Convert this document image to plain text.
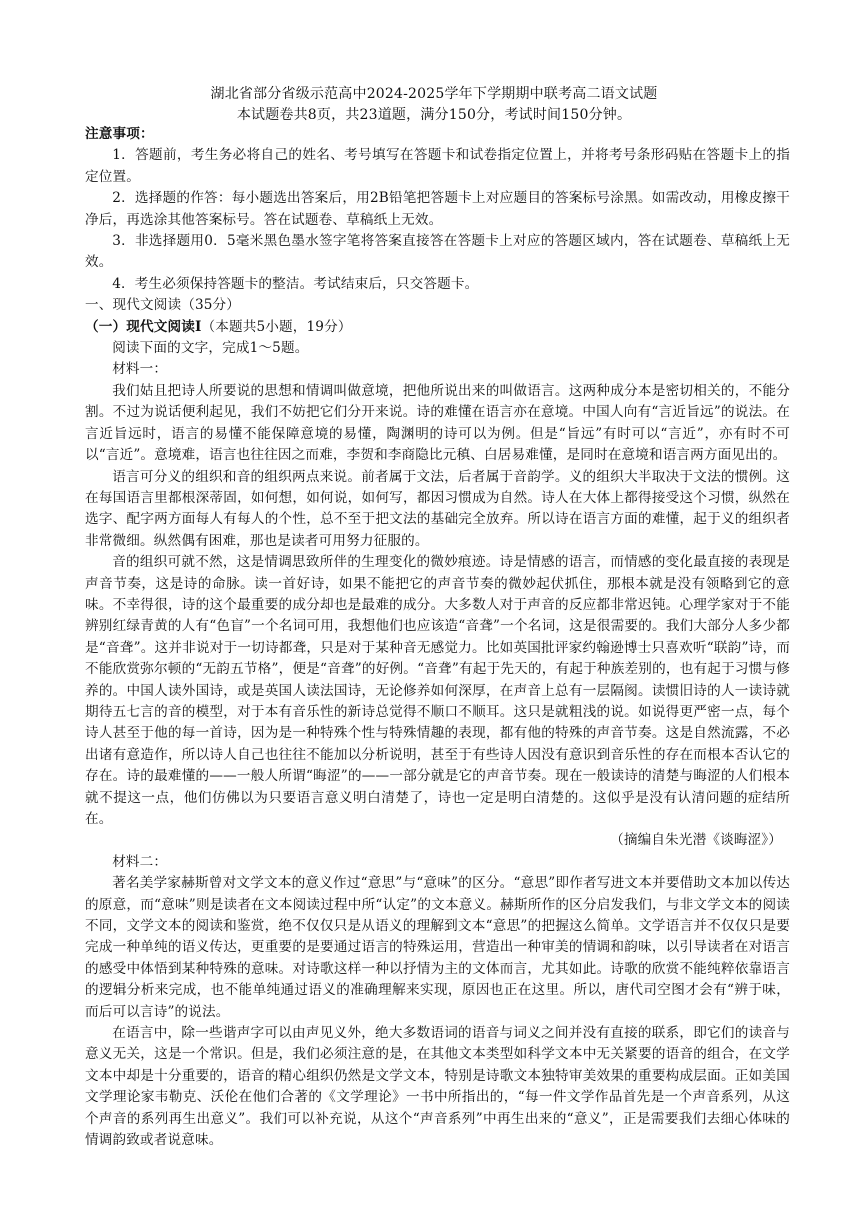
湖北省部分省级示范高中2024-2025学年下学期期中联考高二语文试题
本试题卷共8页，共23道题，满分150分，考试时间150分钟。

注意事项：

1．答题前，考生务必将自己的姓名、考号填写在答题卡和试卷指定位置上，并将考号条形码贴在答题卡上的指定位置。

2．选择题的作答：每小题选出答案后，用2B铅笔把答题卡上对应题目的答案标号涂黑。如需改动，用橡皮擦干净后，再选涂其他答案标号。答在试题卷、草稿纸上无效。

3．非选择题用0．5毫米黑色墨水签字笔将答案直接答在答题卡上对应的答题区域内，答在试题卷、草稿纸上无效。

4．考生必须保持答题卡的整洁。考试结束后，只交答题卡。

一、现代文阅读（35分）

（一）现代文阅读Ⅰ（本题共5小题，19分）

阅读下面的文字，完成1～5题。

材料一：

我们姑且把诗人所要说的思想和情调叫做意境，把他所说出来的叫做语言。这两种成分本是密切相关的，不能分割。不过为说话便利起见，我们不妨把它们分开来说。诗的难懂在语言亦在意境。中国人向有“言近旨远”的说法。在言近旨远时，语言的易懂不能保障意境的易懂，陶渊明的诗可以为例。但是“旨远”有时可以“言近”，亦有时不可以“言近”。意境难，语言也往往因之而难，李贺和李商隐比元稹、白居易难懂，是同时在意境和语言两方面见出的。

语言可分义的组织和音的组织两点来说。前者属于文法，后者属于音韵学。义的组织大半取决于文法的惯例。这在每国语言里都根深蒂固，如何想，如何说，如何写，都因习惯成为自然。诗人在大体上都得接受这个习惯，纵然在选字、配字两方面每人有每人的个性，总不至于把文法的基础完全放弃。所以诗在语言方面的难懂，起于义的组织者非常微细。纵然偶有困难，那也是读者可用努力征服的。

音的组织可就不然，这是情调思致所伴的生理变化的微妙痕迹。诗是情感的语言，而情感的变化最直接的表现是声音节奏，这是诗的命脉。读一首好诗，如果不能把它的声音节奏的微妙起伏抓住，那根本就是没有领略到它的意味。不幸得很，诗的这个最重要的成分却也是最难的成分。大多数人对于声音的反应都非常迟钝。心理学家对于不能辨别红绿青黄的人有“色盲”一个名词可用，我想他们也应该造“音聋”一个名词，这是很需要的。我们大部分人多少都是“音聋”。这并非说对于一切诗都聋，只是对于某种音无感觉力。比如英国批评家约翰逊博士只喜欢听“联韵”诗，而不能欣赏弥尔顿的“无韵五节格”，便是“音聋”的好例。“音聋”有起于先天的，有起于种族差别的，也有起于习惯与修养的。中国人读外国诗，或是英国人读法国诗，无论修养如何深厚，在声音上总有一层隔阂。读惯旧诗的人一读诗就期待五七言的音的模型，对于本有音乐性的新诗总觉得不顺口不顺耳。这只是就粗浅的说。如说得更严密一点，每个诗人甚至于他的每一首诗，因为是一种特殊个性与特殊情趣的表现，都有他的特殊的声音节奏。这是自然流露，不必出诸有意造作，所以诗人自己也往往不能加以分析说明，甚至于有些诗人因没有意识到音乐性的存在而根本否认它的存在。诗的最难懂的——一般人所谓“晦涩”的——一部分就是它的声音节奏。现在一般读诗的清楚与晦涩的人们根本就不提这一点，他们仿佛以为只要语言意义明白清楚了，诗也一定是明白清楚的。这似乎是没有认清问题的症结所在。

（摘编自朱光潜《谈晦涩》）

材料二：

著名美学家赫斯曾对文学文本的意义作过“意思”与“意味”的区分。“意思”即作者写进文本并要借助文本加以传达的原意，而“意味”则是读者在文本阅读过程中所“认定”的文本意义。赫斯所作的区分启发我们，与非文学文本的阅读不同，文学文本的阅读和鉴赏，绝不仅仅只是从语义的理解到文本“意思”的把握这么简单。文学语言并不仅仅只是要完成一种单纯的语义传达，更重要的是要通过语言的特殊运用，营造出一种审美的情调和韵味，以引导读者在对语言的感受中体悟到某种特殊的意味。对诗歌这样一种以抒情为主的文体而言，尤其如此。诗歌的欣赏不能纯粹依靠语言的逻辑分析来完成，也不能单纯通过语义的准确理解来实现，原因也正在这里。所以，唐代司空图才会有“辨于味，而后可以言诗”的说法。

在语言中，除一些谐声字可以由声见义外，绝大多数语词的语音与词义之间并没有直接的联系，即它们的读音与意义无关，这是一个常识。但是，我们必须注意的是，在其他文本类型如科学文本中无关紧要的语音的组合，在文学文本中却是十分重要的，语音的精心组织仍然是文学文本，特别是诗歌文本独特审美效果的重要构成层面。正如美国文学理论家韦勒克、沃伦在他们合著的《文学理论》一书中所指出的，“每一件文学作品首先是一个声音系列，从这个声音的系列再生出意义”。我们可以补充说，从这个“声音系列”中再生出来的“意义”，正是需要我们去细心体味的情调韵致或者说意味。
